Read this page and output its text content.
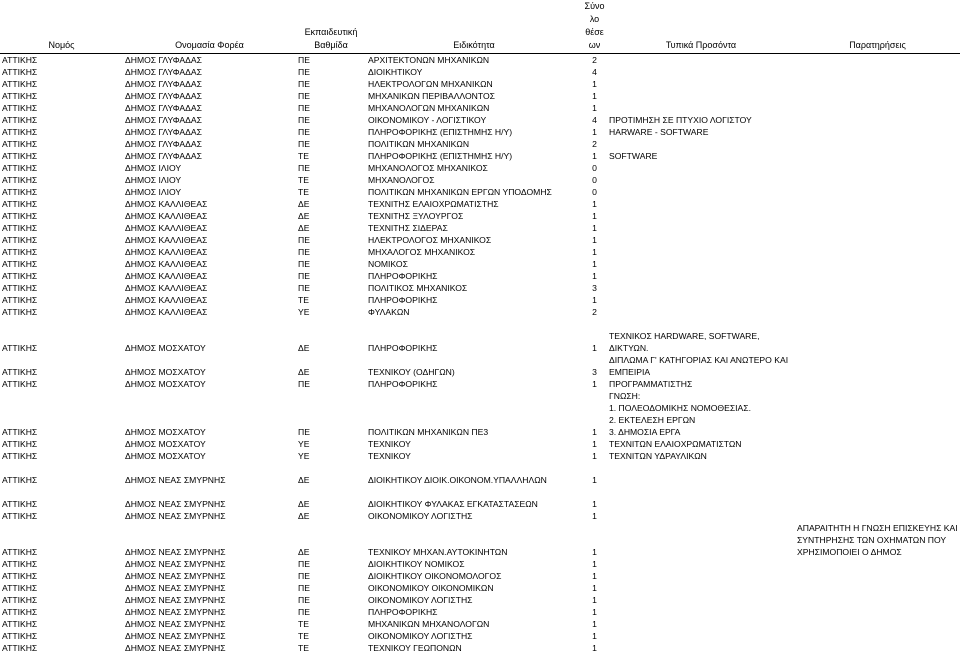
Νομός	Ονομασία Φορέα	Εκπαιδευτική
Βαθμίδα	Ειδικότητα	Σύνο
λο
θέσε
ων	Τυπικά Προσόντα	Παρατηρήσεις
ΑΤΤΙΚΗΣ	ΔΗΜΟΣ ΓΛΥΦΑΔΑΣ	ΠΕ	ΑΡΧΙΤΕΚΤΟΝΩΝ ΜΗΧΑΝΙΚΩΝ	2		
ΑΤΤΙΚΗΣ	ΔΗΜΟΣ ΓΛΥΦΑΔΑΣ	ΠΕ	ΔΙΟΙΚΗΤΙΚΟΥ	4		
ΑΤΤΙΚΗΣ	ΔΗΜΟΣ ΓΛΥΦΑΔΑΣ	ΠΕ	ΗΛΕΚΤΡΟΛΟΓΩΝ ΜΗΧΑΝΙΚΩΝ	1		
ΑΤΤΙΚΗΣ	ΔΗΜΟΣ ΓΛΥΦΑΔΑΣ	ΠΕ	ΜΗΧΑΝΙΚΩΝ ΠΕΡΙΒΑΛΛΟΝΤΟΣ	1		
ΑΤΤΙΚΗΣ	ΔΗΜΟΣ ΓΛΥΦΑΔΑΣ	ΠΕ	ΜΗΧΑΝΟΛΟΓΩΝ ΜΗΧΑΝΙΚΩΝ	1		
ΑΤΤΙΚΗΣ	ΔΗΜΟΣ ΓΛΥΦΑΔΑΣ	ΠΕ	ΟΙΚΟΝΟΜΙΚΟΥ - ΛΟΓΙΣΤΙΚΟΥ	4	ΠΡΟΤΙΜΗΣΗ ΣΕ ΠΤΥΧΙΟ ΛΟΓΙΣΤΟΥ	
ΑΤΤΙΚΗΣ	ΔΗΜΟΣ ΓΛΥΦΑΔΑΣ	ΠΕ	ΠΛΗΡΟΦΟΡΙΚΗΣ (ΕΠΙΣΤΗΜΗΣ Η/Υ)	1	HARWARE - SOFTWARE	
ΑΤΤΙΚΗΣ	ΔΗΜΟΣ ΓΛΥΦΑΔΑΣ	ΠΕ	ΠΟΛΙΤΙΚΩΝ ΜΗΧΑΝΙΚΩΝ	2		
ΑΤΤΙΚΗΣ	ΔΗΜΟΣ ΓΛΥΦΑΔΑΣ	ΤΕ	ΠΛΗΡΟΦΟΡΙΚΗΣ (ΕΠΙΣΤΗΜΗΣ Η/Υ)	1	SOFTWARE	
ΑΤΤΙΚΗΣ	ΔΗΜΟΣ ΙΛΙΟΥ	ΠΕ	ΜΗΧΑΝΟΛΟΓΟΣ ΜΗΧΑΝΙΚΟΣ	0		
ΑΤΤΙΚΗΣ	ΔΗΜΟΣ ΙΛΙΟΥ	ΤΕ	ΜΗΧΑΝΟΛΟΓΟΣ	0		
ΑΤΤΙΚΗΣ	ΔΗΜΟΣ ΙΛΙΟΥ	ΤΕ	ΠΟΛΙΤΙΚΩΝ ΜΗΧΑΝΙΚΩΝ ΕΡΓΩΝ ΥΠΟΔΟΜΗΣ	0		
ΑΤΤΙΚΗΣ	ΔΗΜΟΣ ΚΑΛΛΙΘΕΑΣ	ΔΕ	ΤΕΧΝΙΤΗΣ ΕΛΑΙΟΧΡΩΜΑΤΙΣΤΗΣ	1		
ΑΤΤΙΚΗΣ	ΔΗΜΟΣ ΚΑΛΛΙΘΕΑΣ	ΔΕ	ΤΕΧΝΙΤΗΣ ΞΥΛΟΥΡΓΟΣ	1		
ΑΤΤΙΚΗΣ	ΔΗΜΟΣ ΚΑΛΛΙΘΕΑΣ	ΔΕ	ΤΕΧΝΙΤΗΣ ΣΙΔΕΡΑΣ	1		
ΑΤΤΙΚΗΣ	ΔΗΜΟΣ ΚΑΛΛΙΘΕΑΣ	ΠΕ	ΗΛΕΚΤΡΟΛΟΓΟΣ ΜΗΧΑΝΙΚΟΣ	1		
ΑΤΤΙΚΗΣ	ΔΗΜΟΣ ΚΑΛΛΙΘΕΑΣ	ΠΕ	ΜΗΧΑΛΟΓΟΣ ΜΗΧΑΝΙΚΟΣ	1		
ΑΤΤΙΚΗΣ	ΔΗΜΟΣ ΚΑΛΛΙΘΕΑΣ	ΠΕ	ΝΟΜΙΚΟΣ	1		
ΑΤΤΙΚΗΣ	ΔΗΜΟΣ ΚΑΛΛΙΘΕΑΣ	ΠΕ	ΠΛΗΡΟΦΟΡΙΚΗΣ	1		
ΑΤΤΙΚΗΣ	ΔΗΜΟΣ ΚΑΛΛΙΘΕΑΣ	ΠΕ	ΠΟΛΙΤΙΚΟΣ ΜΗΧΑΝΙΚΟΣ	3		
ΑΤΤΙΚΗΣ	ΔΗΜΟΣ ΚΑΛΛΙΘΕΑΣ	ΤΕ	ΠΛΗΡΟΦΟΡΙΚΗΣ	1		
ΑΤΤΙΚΗΣ	ΔΗΜΟΣ ΚΑΛΛΙΘΕΑΣ	ΥΕ	ΦΥΛΑΚΩΝ	2		

ΑΤΤΙΚΗΣ	ΔΗΜΟΣ ΜΟΣΧΑΤΟΥ	ΔΕ	ΠΛΗΡΟΦΟΡΙΚΗΣ	1	ΤΕΧΝΙΚΟΣ HARDWARE, SOFTWARE, ΔΙΚΤΥΩΝ.	
ΑΤΤΙΚΗΣ	ΔΗΜΟΣ ΜΟΣΧΑΤΟΥ	ΔΕ	ΤΕΧΝΙΚΟΥ (ΟΔΗΓΩΝ)	3	ΔΙΠΛΩΜΑ Γ' ΚΑΤΗΓΟΡΙΑΣ ΚΑΙ ΑΝΩΤΕΡΟ ΚΑΙ ΕΜΠΕΙΡΙΑ	
ΑΤΤΙΚΗΣ	ΔΗΜΟΣ ΜΟΣΧΑΤΟΥ	ΠΕ	ΠΛΗΡΟΦΟΡΙΚΗΣ	1	ΠΡΟΓΡΑΜΜΑΤΙΣΤΗΣ	
ΑΤΤΙΚΗΣ	ΔΗΜΟΣ ΜΟΣΧΑΤΟΥ	ΠΕ	ΠΟΛΙΤΙΚΩΝ ΜΗΧΑΝΙΚΩΝ ΠΕ3	1	ΓΝΩΣΗ:
1. ΠΟΛΕΟΔΟΜΙΚΗΣ ΝΟΜΟΘΕΣΙΑΣ.
2. ΕΚΤΕΛΕΣΗ ΕΡΓΩΝ
3. ΔΗΜΟΣΙΑ ΕΡΓΑ	
ΑΤΤΙΚΗΣ	ΔΗΜΟΣ ΜΟΣΧΑΤΟΥ	ΥΕ	ΤΕΧΝΙΚΟΥ	1	ΤΕΧΝΙΤΩΝ ΕΛΑΙΟΧΡΩΜΑΤΙΣΤΩΝ	
ΑΤΤΙΚΗΣ	ΔΗΜΟΣ ΜΟΣΧΑΤΟΥ	ΥΕ	ΤΕΧΝΙΚΟΥ	1	ΤΕΧΝΙΤΩΝ ΥΔΡΑΥΛΙΚΩΝ	

ΑΤΤΙΚΗΣ	ΔΗΜΟΣ ΝΕΑΣ ΣΜΥΡΝΗΣ	ΔΕ	ΔΙΟΙΚΗΤΙΚΟΥ ΔΙΟΙΚ.ΟΙΚΟΝΟΜ.ΥΠΑΛΛΗΛΩΝ	1		

ΑΤΤΙΚΗΣ	ΔΗΜΟΣ ΝΕΑΣ ΣΜΥΡΝΗΣ	ΔΕ	ΔΙΟΙΚΗΤΙΚΟΥ ΦΥΛΑΚΑΣ ΕΓΚΑΤΑΣΤΑΣΕΩΝ	1		
ΑΤΤΙΚΗΣ	ΔΗΜΟΣ ΝΕΑΣ ΣΜΥΡΝΗΣ	ΔΕ	ΟΙΚΟΝΟΜΙΚΟΥ ΛΟΓΙΣΤΗΣ	1		
ΑΤΤΙΚΗΣ	ΔΗΜΟΣ ΝΕΑΣ ΣΜΥΡΝΗΣ	ΔΕ	ΤΕΧΝΙΚΟΥ ΜΗΧΑΝ.ΑΥΤΟΚΙΝΗΤΩΝ	1		ΑΠΑΡΑΙΤΗΤΗ Η ΓΝΩΣΗ ΕΠΙΣΚΕΥΗΣ ΚΑΙ ΣΥΝΤΗΡΗΣΗΣ ΤΩΝ ΟΧΗΜΑΤΩΝ ΠΟΥ ΧΡΗΣΙΜΟΠΟΙΕΙ Ο ΔΗΜΟΣ
ΑΤΤΙΚΗΣ	ΔΗΜΟΣ ΝΕΑΣ ΣΜΥΡΝΗΣ	ΠΕ	ΔΙΟΙΚΗΤΙΚΟΥ ΝΟΜΙΚΟΣ	1		
ΑΤΤΙΚΗΣ	ΔΗΜΟΣ ΝΕΑΣ ΣΜΥΡΝΗΣ	ΠΕ	ΔΙΟΙΚΗΤΙΚΟΥ ΟΙΚΟΝΟΜΟΛΟΓΟΣ	1		
ΑΤΤΙΚΗΣ	ΔΗΜΟΣ ΝΕΑΣ ΣΜΥΡΝΗΣ	ΠΕ	ΟΙΚΟΝΟΜΙΚΟΥ ΟΙΚΟΝΟΜΙΚΩΝ	1		
ΑΤΤΙΚΗΣ	ΔΗΜΟΣ ΝΕΑΣ ΣΜΥΡΝΗΣ	ΠΕ	ΟΙΚΟΝΟΜΙΚΟΥ ΛΟΓΙΣΤΗΣ	1		
ΑΤΤΙΚΗΣ	ΔΗΜΟΣ ΝΕΑΣ ΣΜΥΡΝΗΣ	ΠΕ	ΠΛΗΡΟΦΟΡΙΚΗΣ	1		
ΑΤΤΙΚΗΣ	ΔΗΜΟΣ ΝΕΑΣ ΣΜΥΡΝΗΣ	ΤΕ	ΜΗΧΑΝΙΚΩΝ ΜΗΧΑΝΟΛΟΓΩΝ	1		
ΑΤΤΙΚΗΣ	ΔΗΜΟΣ ΝΕΑΣ ΣΜΥΡΝΗΣ	ΤΕ	ΟΙΚΟΝΟΜΙΚΟΥ ΛΟΓΙΣΤΗΣ	1		
ΑΤΤΙΚΗΣ	ΔΗΜΟΣ ΝΕΑΣ ΣΜΥΡΝΗΣ	ΤΕ	ΤΕΧΝΙΚΟΥ ΓΕΩΠΟΝΩΝ	1		
